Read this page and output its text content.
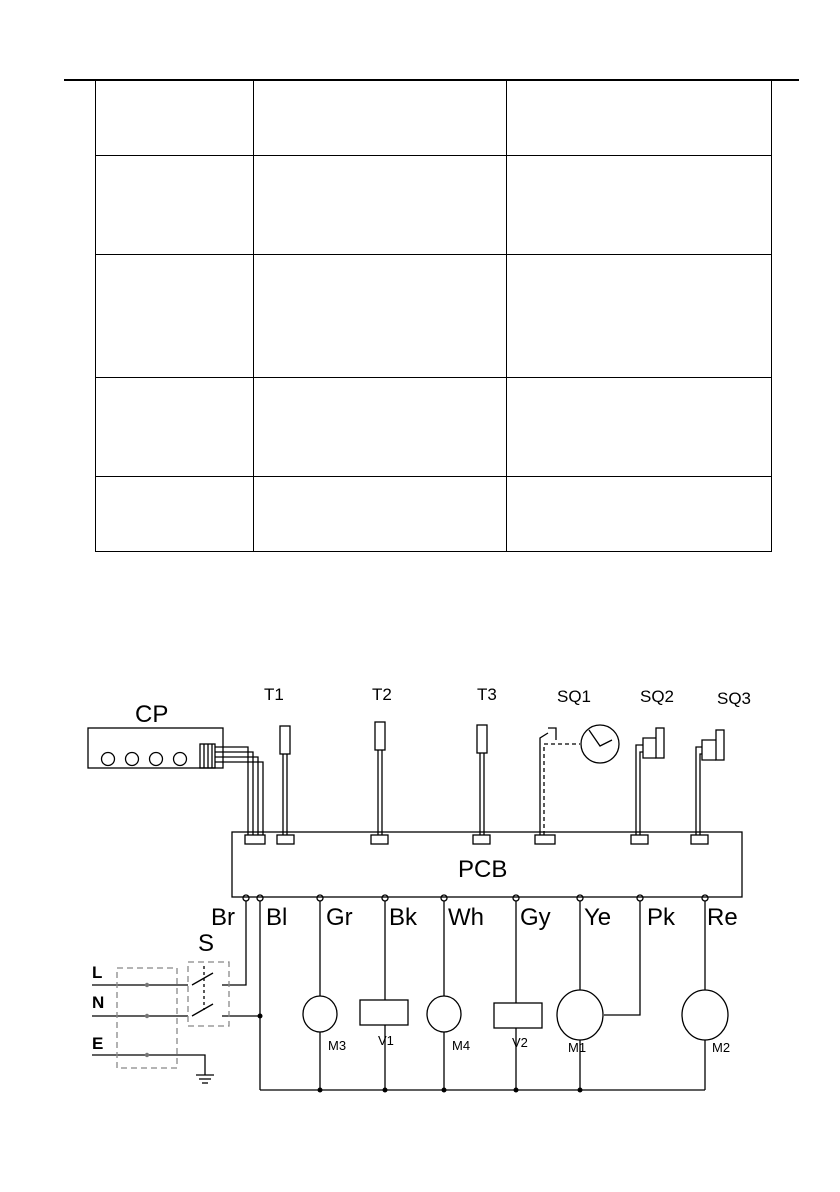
CP
PCB
T1	T2	T3	SQ1	SQ2	SQ3
Br Bl Gr Bk Wh Gy Ye Pk Re
S
L
N
E	M3 V1	M4	V2	M1	M2
